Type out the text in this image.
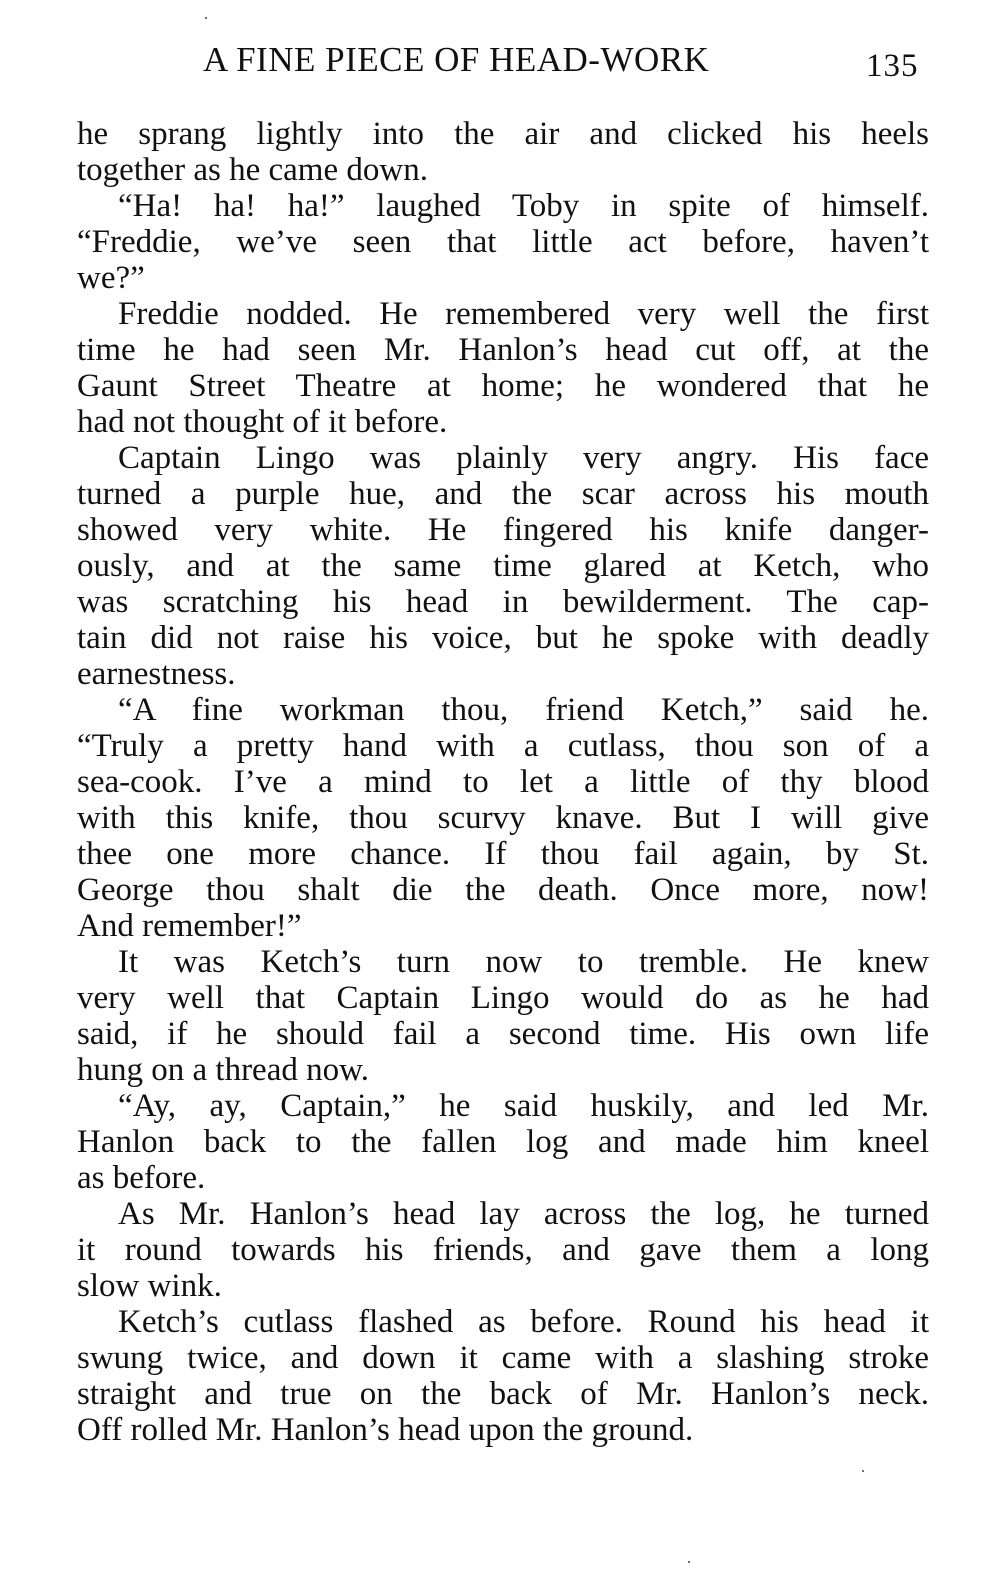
A FINE PIECE OF HEAD-WORK	135
he sprang lightly into the air and clicked his heels
together as he came down.
“Ha! ha! ha!” laughed Toby in spite of himself.
“Freddie, we’ve seen that little act before, haven’t
we?”
Freddie nodded. He remembered very well the first
time he had seen Mr. Hanlon’s head cut off, at the
Gaunt Street Theatre at home; he wondered that he
had not thought of it before.
Captain Lingo was plainly very angry. His face
turned a purple hue, and the scar across his mouth
showed very white. He fingered his knife danger-
ously, and at the same time glared at Ketch, who
was scratching his head in bewilderment. The cap-
tain did not raise his voice, but he spoke with deadly
earnestness.
“A fine workman thou, friend Ketch,” said he.
“Truly a pretty hand with a cutlass, thou son of a
sea-cook. I’ve a mind to let a little of thy blood
with this knife, thou scurvy knave. But I will give
thee one more chance. If thou fail again, by St.
George thou shalt die the death. Once more, now!
And remember!”
It was Ketch’s turn now to tremble. He knew
very well that Captain Lingo would do as he had
said, if he should fail a second time. His own life
hung on a thread now.
“Ay, ay, Captain,” he said huskily, and led Mr.
Hanlon back to the fallen log and made him kneel
as before.
As Mr. Hanlon’s head lay across the log, he turned
it round towards his friends, and gave them a long
slow wink.
Ketch’s cutlass flashed as before. Round his head it
swung twice, and down it came with a slashing stroke
straight and true on the back of Mr. Hanlon’s neck.
Off rolled Mr. Hanlon’s head upon the ground.
